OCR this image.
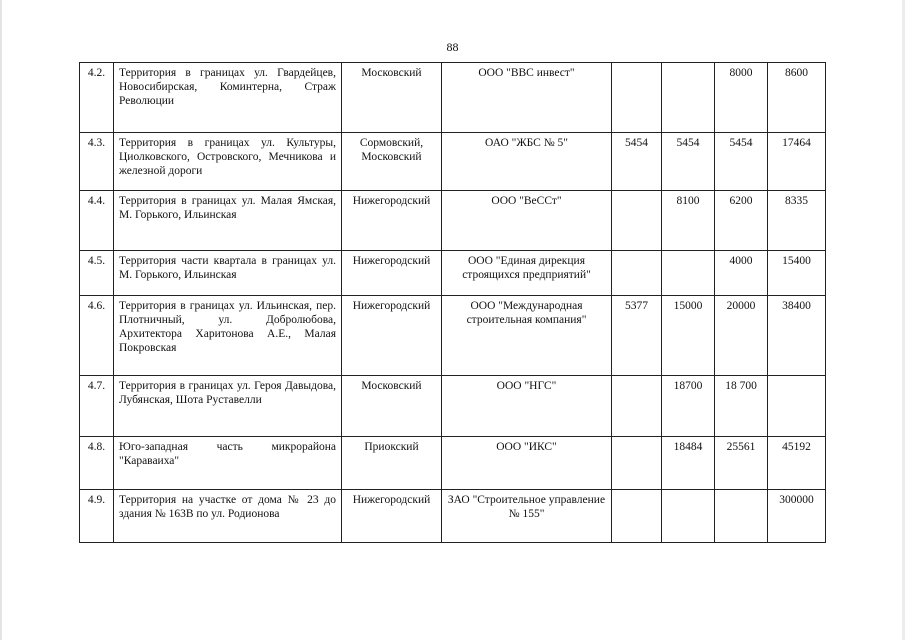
88
4.2.	Территория в границах ул. Гвардейцев, Новосибирская, Коминтерна, Страж Революции	Московский	ООО "ВВС инвест"			8000	8600
4.3.	Территория в границах ул. Культуры, Циолковского, Островского, Мечникова и железной дороги	Сормовский, Московский	ОАО "ЖБС № 5"	5454	5454	5454	17464
4.4.	Территория в границах ул. Малая Ямская, М. Горького, Ильинская	Нижегородский	ООО "ВеССт"		8100	6200	8335
4.5.	Территория части квартала в границах ул. М. Горького, Ильинская	Нижегородский	ООО "Единая дирекция строящихся предприятий"			4000	15400
4.6.	Территория в границах ул. Ильинская, пер. Плотничный, ул. Добролюбова, Архитектора Харитонова А.Е., Малая Покровская	Нижегородский	ООО "Международная строительная компания"	5377	15000	20000	38400
4.7.	Территория в границах ул. Героя Давыдова, Лубянская, Шота Руставелли	Московский	ООО "НГС"		18700	18 700	
4.8.	Юго-западная часть микрорайона "Караваиха"	Приокский	ООО "ИКС"		18484	25561	45192
4.9.	Территория на участке от дома № 23 до здания № 163В по ул. Родионова	Нижегородский	ЗАО "Строительное управление № 155"				300000
